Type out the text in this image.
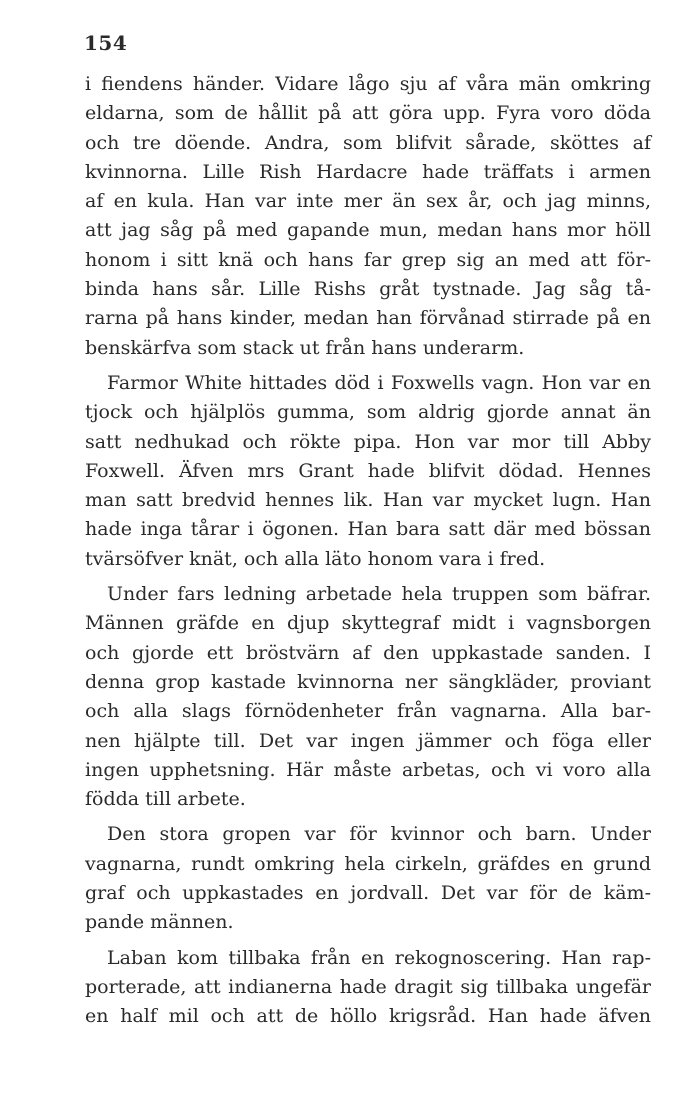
154
i fiendens händer. Vidare lågo sju af våra män omkring
eldarna, som de hållit på att göra upp. Fyra voro döda
och tre döende. Andra, som blifvit sårade, sköttes af
kvinnorna. Lille Rish Hardacre hade träffats i armen
af en kula. Han var inte mer än sex år, och jag minns,
att jag såg på med gapande mun, medan hans mor höll
honom i sitt knä och hans far grep sig an med att för-
binda hans sår. Lille Rishs gråt tystnade. Jag såg tå-
rarna på hans kinder, medan han förvånad stirrade på en
benskärfva som stack ut från hans underarm.
Farmor White hittades död i Foxwells vagn. Hon var en
tjock och hjälplös gumma, som aldrig gjorde annat än
satt nedhukad och rökte pipa. Hon var mor till Abby
Foxwell. Äfven mrs Grant hade blifvit dödad. Hennes
man satt bredvid hennes lik. Han var mycket lugn. Han
hade inga tårar i ögonen. Han bara satt där med bössan
tvärsöfver knät, och alla läto honom vara i fred.
Under fars ledning arbetade hela truppen som bäfrar.
Männen gräfde en djup skyttegraf midt i vagnsborgen
och gjorde ett bröstvärn af den uppkastade sanden. I
denna grop kastade kvinnorna ner sängkläder, proviant
och alla slags förnödenheter från vagnarna. Alla bar-
nen hjälpte till. Det var ingen jämmer och föga eller
ingen upphetsning. Här måste arbetas, och vi voro alla
födda till arbete.
Den stora gropen var för kvinnor och barn. Under
vagnarna, rundt omkring hela cirkeln, gräfdes en grund
graf och uppkastades en jordvall. Det var för de käm-
pande männen.
Laban kom tillbaka från en rekognoscering. Han rap-
porterade, att indianerna hade dragit sig tillbaka ungefär
en half mil och att de höllo krigsråd. Han hade äfven
